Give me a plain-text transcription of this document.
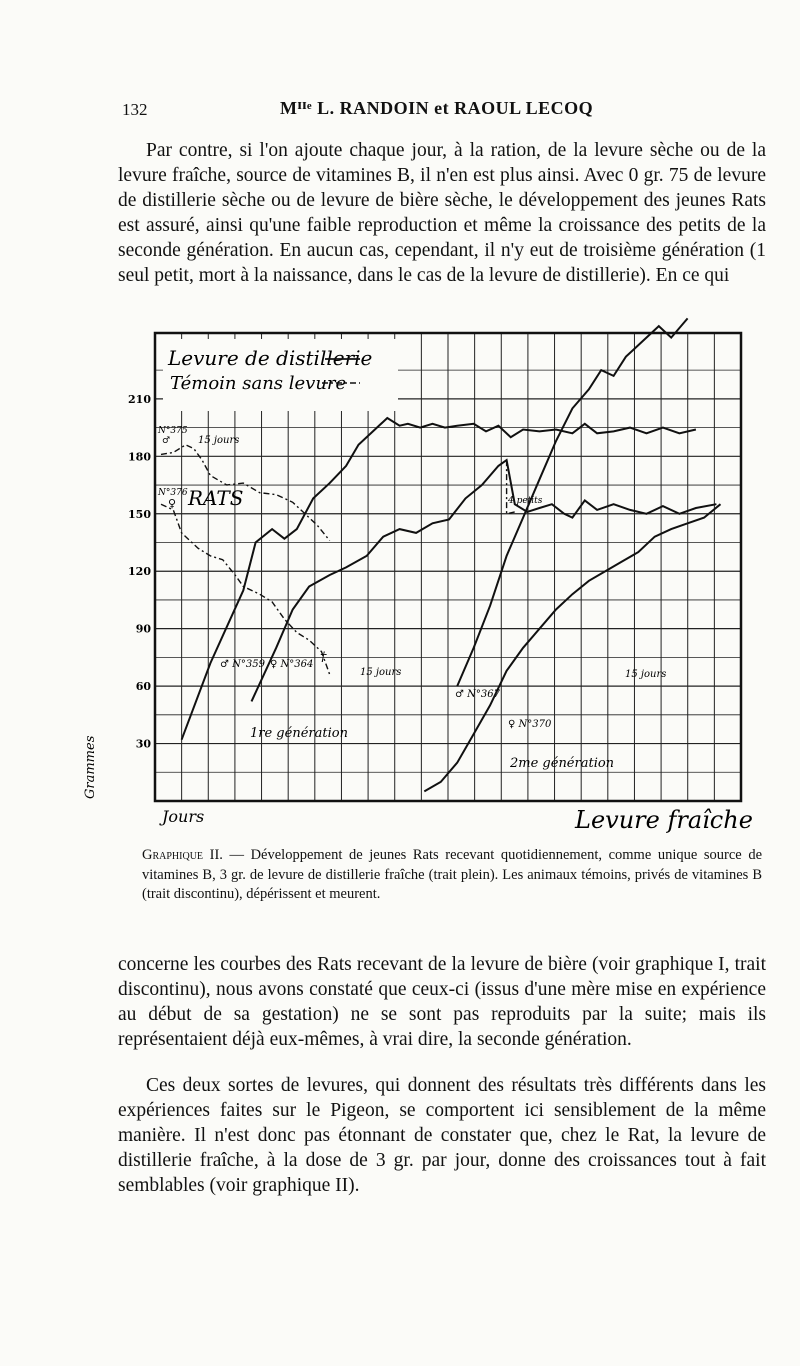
132	Mᴵᴵᵉ L. RANDOIN et RAOUL LECOQ

Par contre, si l'on ajoute chaque jour, à la ration, de la levure sèche ou de la levure fraîche, source de vitamines B, il n'en est plus ainsi. Avec 0 gr. 75 de levure de distillerie sèche ou de levure de bière sèche, le développement des jeunes Rats est assuré, ainsi qu'une faible reproduction et même la croissance des petits de la seconde génération. En aucun cas, cependant, il n'y eut de troisième génération (1 seul petit, mort à la naissance, dans le cas de la levure de distillerie). En ce qui

30
60
90
120
150
180
210
N°375
♂	15 jours
N°376
♀ RATS
♂ N°359 ♀ N°364
15 jours
♂ N°367
♀ N°370
15 jours
4 petits
1re génération
2me génération
†
Levure de distillerie
Témoin sans levure
Grammes
Jours	Levure fraîche

Graphique II. — Développement de jeunes Rats recevant quotidiennement, comme unique source de vitamines B, 3 gr. de levure de distillerie fraîche (trait plein). Les animaux témoins, privés de vitamines B (trait discontinu), dépérissent et meurent.

concerne les courbes des Rats recevant de la levure de bière (voir graphique I, trait discontinu), nous avons constaté que ceux-ci (issus d'une mère mise en expérience au début de sa gestation) ne se sont pas reproduits par la suite; mais ils représentaient déjà eux-mêmes, à vrai dire, la seconde génération.

Ces deux sortes de levures, qui donnent des résultats très différents dans les expériences faites sur le Pigeon, se comportent ici sensiblement de la même manière. Il n'est donc pas étonnant de constater que, chez le Rat, la levure de distillerie fraîche, à la dose de 3 gr. par jour, donne des croissances tout à fait semblables (voir graphique II).
